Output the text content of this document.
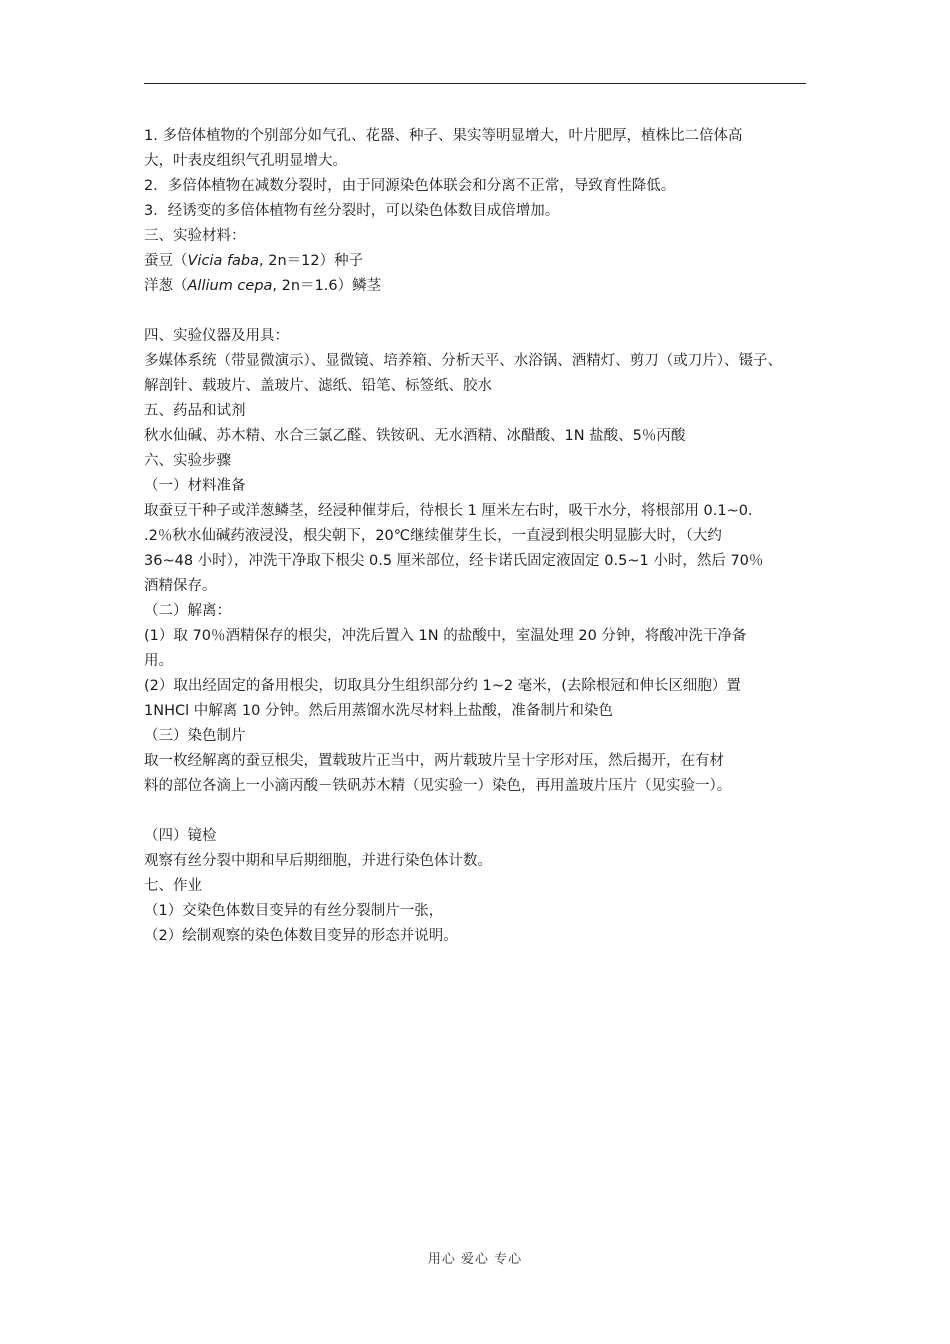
1. 多倍体植物的个别部分如气孔、花器、种子、果实等明显增大，叶片肥厚，植株比二倍体高
大，叶表皮组织气孔明显增大。
2．多倍体植物在减数分裂时，由于同源染色体联会和分离不正常，导致育性降低。
3．经诱变的多倍体植物有丝分裂时，可以染色体数目成倍增加。
三、实验材料：
蚕豆（Vicia faba, 2n＝12）种子
洋葱（Allium cepa, 2n＝1.6）鳞茎
四、实验仪器及用具：
多媒体系统（带显微演示）、显微镜、培养箱、分析天平、水浴锅、酒精灯、剪刀（或刀片）、镊子、
解剖针、载玻片、盖玻片、滤纸、铅笔、标签纸、胶水
五、药品和试剂
秋水仙碱、苏木精、水合三氯乙醛、铁铵矾、无水酒精、冰醋酸、1N 盐酸、5％丙酸
六、实验步骤
（一）材料准备
取蚕豆干种子或洋葱鳞茎，经浸种催芽后，待根长 1 厘米左右时，吸干水分，将根部用 0.1~0.
.2％秋水仙碱药液浸没，根尖朝下，20℃继续催芽生长，一直浸到根尖明显膨大时，（大约
36~48 小时），冲洗干净取下根尖 0.5 厘米部位，经卡诺氏固定液固定 0.5~1 小时，然后 70％
酒精保存。
（二）解离：
(1）取 70％酒精保存的根尖，冲洗后置入 1N 的盐酸中，室温处理 20 分钟，将酸冲洗干净备
用。
(2）取出经固定的备用根尖，切取具分生组织部分约 1~2 毫米，(去除根冠和伸长区细胞）置
1NHCl 中解离 10 分钟。然后用蒸馏水洗尽材料上盐酸，准备制片和染色
（三）染色制片
取一枚经解离的蚕豆根尖，置载玻片正当中，两片载玻片呈十字形对压，然后揭开，在有材
料的部位各滴上一小滴丙酸－铁矾苏木精（见实验一）染色，再用盖玻片压片（见实验一）。
（四）镜检
观察有丝分裂中期和早后期细胞，并进行染色体计数。
七、作业
（1）交染色体数目变异的有丝分裂制片一张，
（2）绘制观察的染色体数目变异的形态并说明。
用心 爱心 专心
